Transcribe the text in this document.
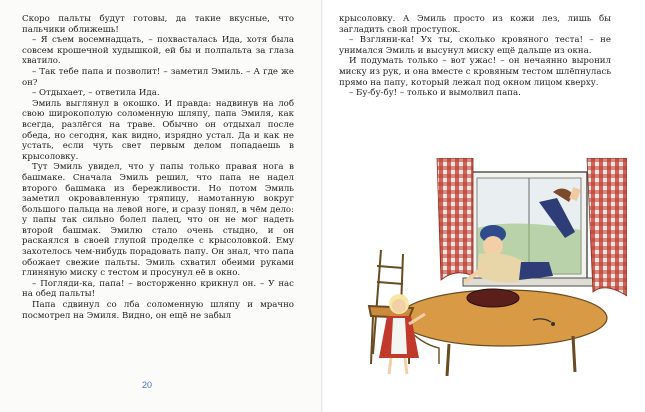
Скоро пальты будут готовы, да такие вкусные, что пальчики оближешь!

– Я съем восемнадцать, – похвасталась Ида, хотя была совсем крошечной худышкой, ей бы и полпальта за глаза хватило.

– Так тебе папа и позволит! – заметил Эмиль. – А где же он?

– Отдыхает, – ответила Ида.

Эмиль выглянул в окошко. И правда: надвинув на лоб свою широкополую соломенную шляпу, папа Эмиля, как всегда, разлёгся на траве. Обычно он отдыхал после обеда, но сегодня, как видно, изрядно устал. Да и как не устать, если чуть свет первым делом попадаешь в крысоловку.

Тут Эмиль увидел, что у папы только правая нога в башмаке. Сначала Эмиль решил, что папа не надел второго башмака из бережливости. Но потом Эмиль заметил окровавленную тряпицу, намотанную вокруг большого пальца на левой ноге, и сразу понял, в чём дело: у папы так сильно болел палец, что он не мог надеть второй башмак. Эмилю стало очень стыдно, и он раскаялся в своей глупой проделке с крысоловкой. Ему захотелось чем-нибудь порадовать папу. Он знал, что папа обожает свежие пальты. Эмиль схватил обеими руками глиняную миску с тестом и просунул её в окно.

– Погляди-ка, папа! – восторженно крикнул он. – У нас на обед пальты!

Папа сдвинул со лба соломенную шляпу и мрачно посмотрел на Эмиля. Видно, он ещё не забыл

20

крысоловку. А Эмиль просто из кожи лез, лишь бы загладить свой проступок.

– Взгляни-ка! Ух ты, сколько кровяного теста! – не унимался Эмиль и высунул миску ещё дальше из окна.

И подумать только – вот ужас! – он нечаянно выронил миску из рук, и она вместе с кровяным тестом шлёпнулась прямо на папу, который лежал под окном лицом кверху.

– Бу-бу-бу! – только и вымолвил папа.
